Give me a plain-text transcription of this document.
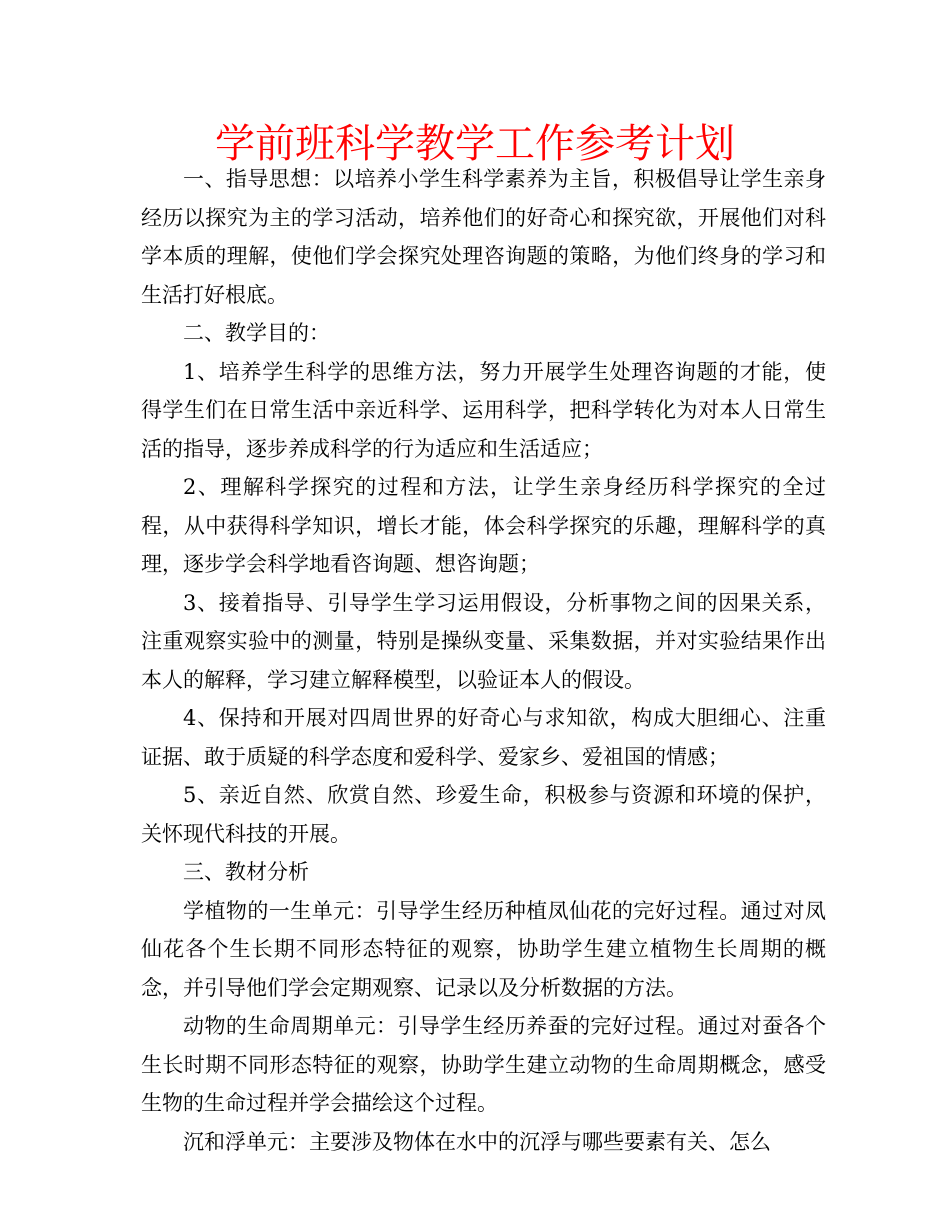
学前班科学教学工作参考计划

一、指导思想：以培养小学生科学素养为主旨，积极倡导让学生亲身经历以探究为主的学习活动，培养他们的好奇心和探究欲，开展他们对科学本质的理解，使他们学会探究处理咨询题的策略，为他们终身的学习和生活打好根底。

二、教学目的：

1、培养学生科学的思维方法，努力开展学生处理咨询题的才能，使得学生们在日常生活中亲近科学、运用科学，把科学转化为对本人日常生活的指导，逐步养成科学的行为适应和生活适应；

2、理解科学探究的过程和方法，让学生亲身经历科学探究的全过程，从中获得科学知识，增长才能，体会科学探究的乐趣，理解科学的真理，逐步学会科学地看咨询题、想咨询题；

3、接着指导、引导学生学习运用假设，分析事物之间的因果关系，注重观察实验中的测量，特别是操纵变量、采集数据，并对实验结果作出本人的解释，学习建立解释模型，以验证本人的假设。

4、保持和开展对四周世界的好奇心与求知欲，构成大胆细心、注重证据、敢于质疑的科学态度和爱科学、爱家乡、爱祖国的情感；

5、亲近自然、欣赏自然、珍爱生命，积极参与资源和环境的保护，关怀现代科技的开展。

三、教材分析

学植物的一生单元：引导学生经历种植凤仙花的完好过程。通过对凤仙花各个生长期不同形态特征的观察，协助学生建立植物生长周期的概念，并引导他们学会定期观察、记录以及分析数据的方法。

动物的生命周期单元：引导学生经历养蚕的完好过程。通过对蚕各个生长时期不同形态特征的观察，协助学生建立动物的生命周期概念，感受生物的生命过程并学会描绘这个过程。

沉和浮单元：主要涉及物体在水中的沉浮与哪些要素有关、怎么
